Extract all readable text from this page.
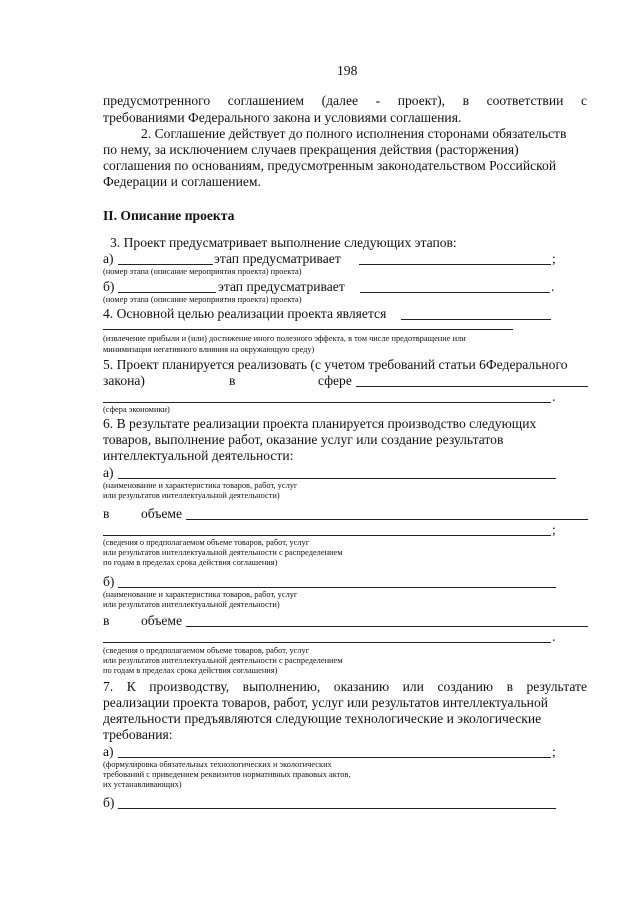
198
предусмотренного соглашением (далее - проект), в соответствии с
требованиями Федерального закона и условиями соглашения.
2. Соглашение действует до полного исполнения сторонами обязательств
по нему, за исключением случаев прекращения действия (расторжения)
соглашения по основаниям, предусмотренным законодательством Российской
Федерации и соглашением.
II. Описание проекта
3. Проект предусматривает выполнение следующих этапов:
а)	этап предусматривает	;
(номер этапа (описание мероприятия проекта) проекта)
б)	этап предусматривает	.
(номер этапа (описание мероприятия проекта) проекта)
4. Основной целью реализации проекта является
(извлечение прибыли и (или) достижение иного полезного эффекта, в том числе предотвращение или
минимизация негативного влияния на окружающую среду)
5. Проект планируется реализовать (с учетом требований статьи 6Федерального
закона)	в	сфере
.
(сфера экономики)
6. В результате реализации проекта планируется производство следующих
товаров, выполнение работ, оказание услуг или создание результатов
интеллектуальной деятельности:
а)
(наименование и характеристика товаров, работ, услуг
или результатов интеллектуальной деятельности)
в объеме
;
(сведения о предполагаемом объеме товаров, работ, услуг
или результатов интеллектуальной деятельности с распределением
по годам в пределах срока действия соглашения)
б)
(наименование и характеристика товаров, работ, услуг
или результатов интеллектуальной деятельности)
в объеме
.
(сведения о предполагаемом объеме товаров, работ, услуг
или результатов интеллектуальной деятельности с распределением
по годам в пределах срока действия соглашения)
7. К производству, выполнению, оказанию или созданию в результате
реализации проекта товаров, работ, услуг или результатов интеллектуальной
деятельности предъявляются следующие технологические и экологические
требования:
а)	;
(формулировка обязательных технологических и экологических
требований с приведением реквизитов нормативных правовых актов,
их устанавливающих)
б)
